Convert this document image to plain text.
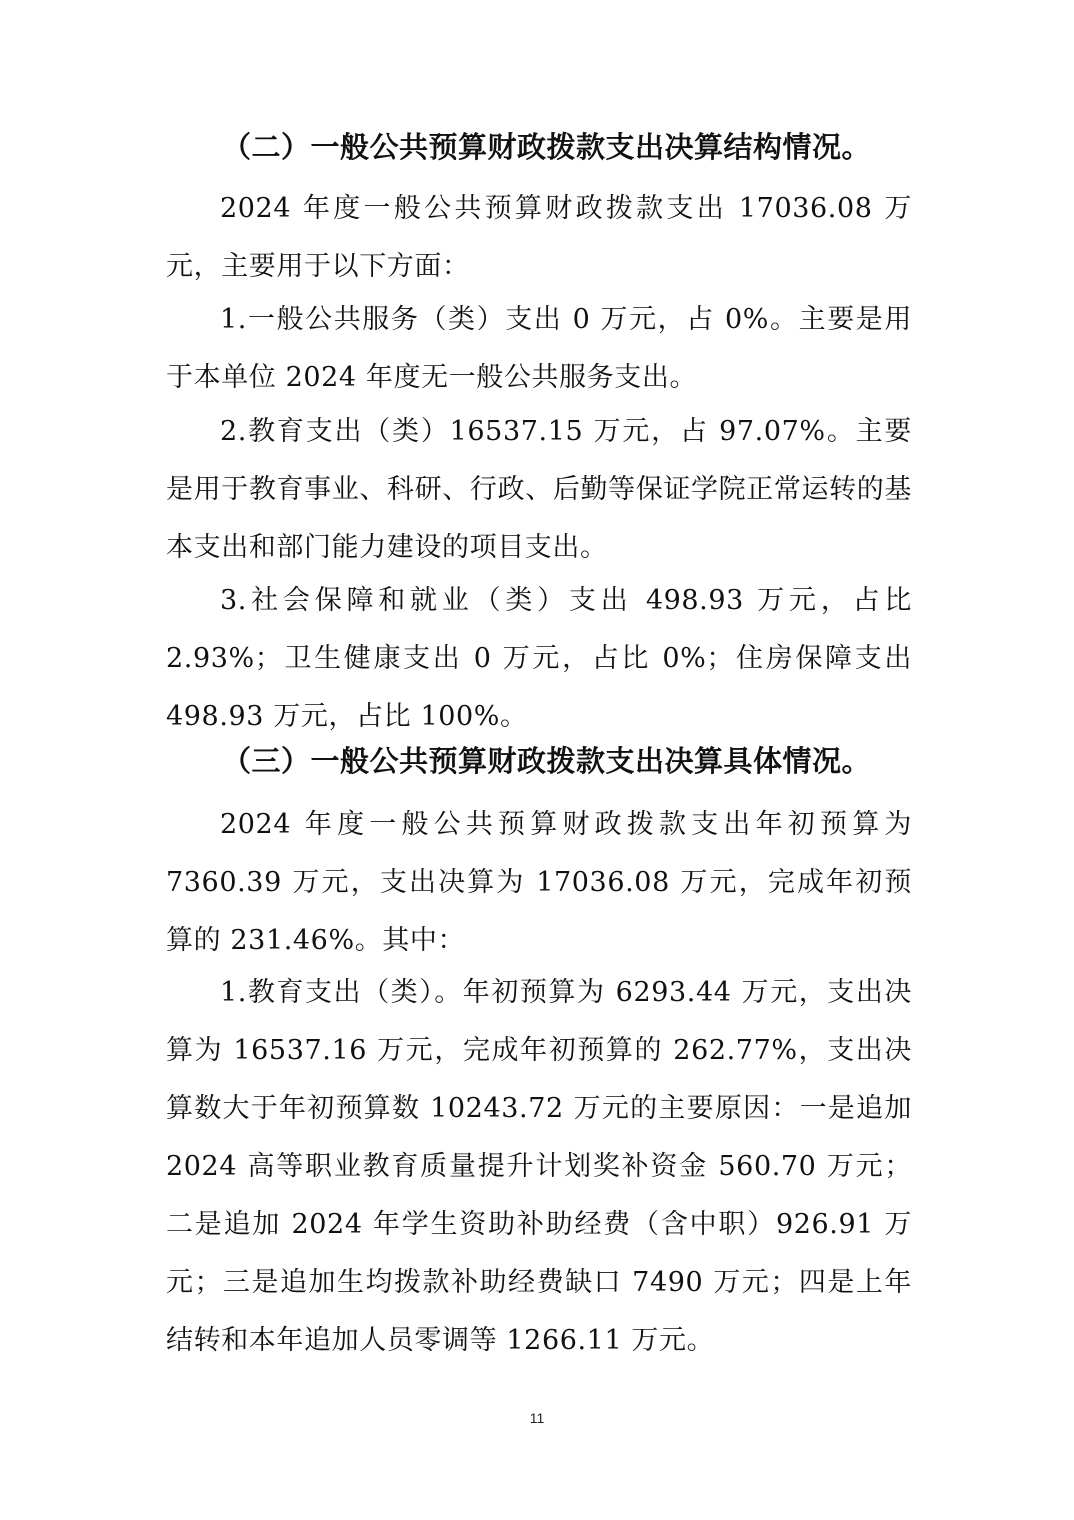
（二）一般公共预算财政拨款支出决算结构情况。
2024 年度一般公共预算财政拨款支出 17036.08 万元，主要用于以下方面：
1.一般公共服务（类）支出 0 万元，占 0%。主要是用于本单位 2024 年度无一般公共服务支出。
2.教育支出（类）16537.15 万元，占 97.07%。主要是用于教育事业、科研、行政、后勤等保证学院正常运转的基本支出和部门能力建设的项目支出。
3.社会保障和就业（类）支出 498.93 万元，占比 2.93%；卫生健康支出 0 万元，占比 0%；住房保障支出 498.93 万元，占比 100%。
（三）一般公共预算财政拨款支出决算具体情况。
2024 年度一般公共预算财政拨款支出年初预算为 7360.39 万元，支出决算为 17036.08 万元，完成年初预算的 231.46%。其中：
1.教育支出（类）。年初预算为 6293.44 万元，支出决算为 16537.16 万元，完成年初预算的 262.77%，支出决算数大于年初预算数 10243.72 万元的主要原因：一是追加 2024 高等职业教育质量提升计划奖补资金 560.70 万元；二是追加 2024 年学生资助补助经费（含中职）926.91 万元；三是追加生均拨款补助经费缺口 7490 万元；四是上年结转和本年追加人员零调等 1266.11 万元。
11
